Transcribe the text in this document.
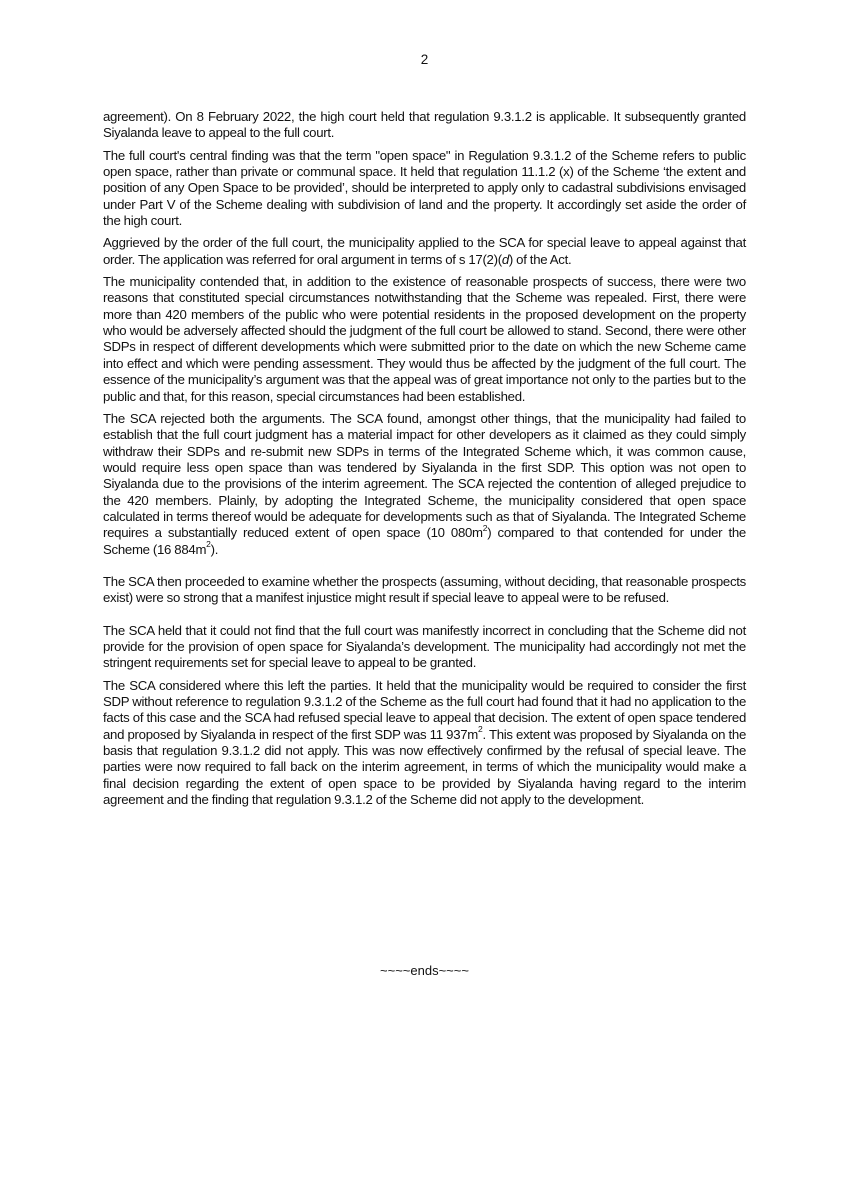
2

agreement). On 8 February 2022, the high court held that regulation 9.3.1.2 is applicable. It subsequently granted Siyalanda leave to appeal to the full court.

The full court's central finding was that the term "open space" in Regulation 9.3.1.2 of the Scheme refers to public open space, rather than private or communal space. It held that regulation 11.1.2 (x) of the Scheme ‘the extent and position of any Open Space to be provided’, should be interpreted to apply only to cadastral subdivisions envisaged under Part V of the Scheme dealing with subdivision of land and the property. It accordingly set aside the order of the high court.

Aggrieved by the order of the full court, the municipality applied to the SCA for special leave to appeal against that order. The application was referred for oral argument in terms of s 17(2)(d) of the Act.

The municipality contended that, in addition to the existence of reasonable prospects of success, there were two reasons that constituted special circumstances notwithstanding that the Scheme was repealed. First, there were more than 420 members of the public who were potential residents in the proposed development on the property who would be adversely affected should the judgment of the full court be allowed to stand. Second, there were other SDPs in respect of different developments which were submitted prior to the date on which the new Scheme came into effect and which were pending assessment. They would thus be affected by the judgment of the full court. The essence of the municipality’s argument was that the appeal was of great importance not only to the parties but to the public and that, for this reason, special circumstances had been established.

The SCA rejected both the arguments. The SCA found, amongst other things, that the municipality had failed to establish that the full court judgment has a material impact for other developers as it claimed as they could simply withdraw their SDPs and re-submit new SDPs in terms of the Integrated Scheme which, it was common cause, would require less open space than was tendered by Siyalanda in the first SDP. This option was not open to Siyalanda due to the provisions of the interim agreement. The SCA rejected the contention of alleged prejudice to the 420 members. Plainly, by adopting the Integrated Scheme, the municipality considered that open space calculated in terms thereof would be adequate for developments such as that of Siyalanda. The Integrated Scheme requires a substantially reduced extent of open space (10 $080m^2$) compared to that contended for under the Scheme (16 $884m^2$).

The SCA then proceeded to examine whether the prospects (assuming, without deciding, that reasonable prospects exist) were so strong that a manifest injustice might result if special leave to appeal were to be refused.

The SCA held that it could not find that the full court was manifestly incorrect in concluding that the Scheme did not provide for the provision of open space for Siyalanda’s development. The municipality had accordingly not met the stringent requirements set for special leave to appeal to be granted.

The SCA considered where this left the parties. It held that the municipality would be required to consider the first SDP without reference to regulation 9.3.1.2 of the Scheme as the full court had found that it had no application to the facts of this case and the SCA had refused special leave to appeal that decision. The extent of open space tendered and proposed by Siyalanda in respect of the first SDP was 11 $937m^2$. This extent was proposed by Siyalanda on the basis that regulation 9.3.1.2 did not apply. This was now effectively confirmed by the refusal of special leave. The parties were now required to fall back on the interim agreement, in terms of which the municipality would make a final decision regarding the extent of open space to be provided by Siyalanda having regard to the interim agreement and the finding that regulation 9.3.1.2 of the Scheme did not apply to the development.

~~~~ends~~~~
